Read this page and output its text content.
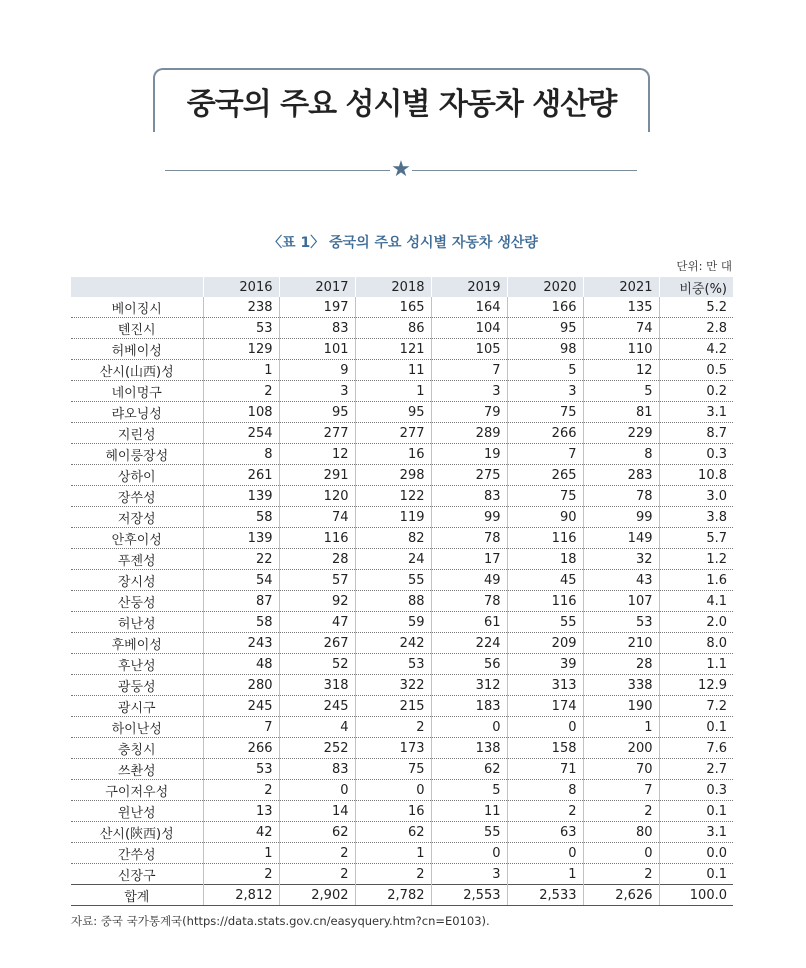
중국의 주요 성시별 자동차 생산량
★
〈표 1〉 중국의 주요 성시별 자동차 생산량
단위: 만 대
	2016	2017	2018	2019	2020	2021	비중(%)
베이징시	238	197	165	164	166	135	5.2
톈진시	53	83	86	104	95	74	2.8
허베이성	129	101	121	105	98	110	4.2
산시(山西)성	1	9	11	7	5	12	0.5
네이멍구	2	3	1	3	3	5	0.2
랴오닝성	108	95	95	79	75	81	3.1
지린성	254	277	277	289	266	229	8.7
헤이룽장성	8	12	16	19	7	8	0.3
상하이	261	291	298	275	265	283	10.8
장쑤성	139	120	122	83	75	78	3.0
저장성	58	74	119	99	90	99	3.8
안후이성	139	116	82	78	116	149	5.7
푸젠성	22	28	24	17	18	32	1.2
장시성	54	57	55	49	45	43	1.6
산둥성	87	92	88	78	116	107	4.1
허난성	58	47	59	61	55	53	2.0
후베이성	243	267	242	224	209	210	8.0
후난성	48	52	53	56	39	28	1.1
광둥성	280	318	322	312	313	338	12.9
광시구	245	245	215	183	174	190	7.2
하이난성	7	4	2	0	0	1	0.1
충칭시	266	252	173	138	158	200	7.6
쓰촨성	53	83	75	62	71	70	2.7
구이저우성	2	0	0	5	8	7	0.3
윈난성	13	14	16	11	2	2	0.1
산시(陝西)성	42	62	62	55	63	80	3.1
간쑤성	1	2	1	0	0	0	0.0
신장구	2	2	2	3	1	2	0.1
합계	2,812	2,902	2,782	2,553	2,533	2,626	100.0
자료: 중국 국가통계국(https://data.stats.gov.cn/easyquery.htm?cn=E0103).
